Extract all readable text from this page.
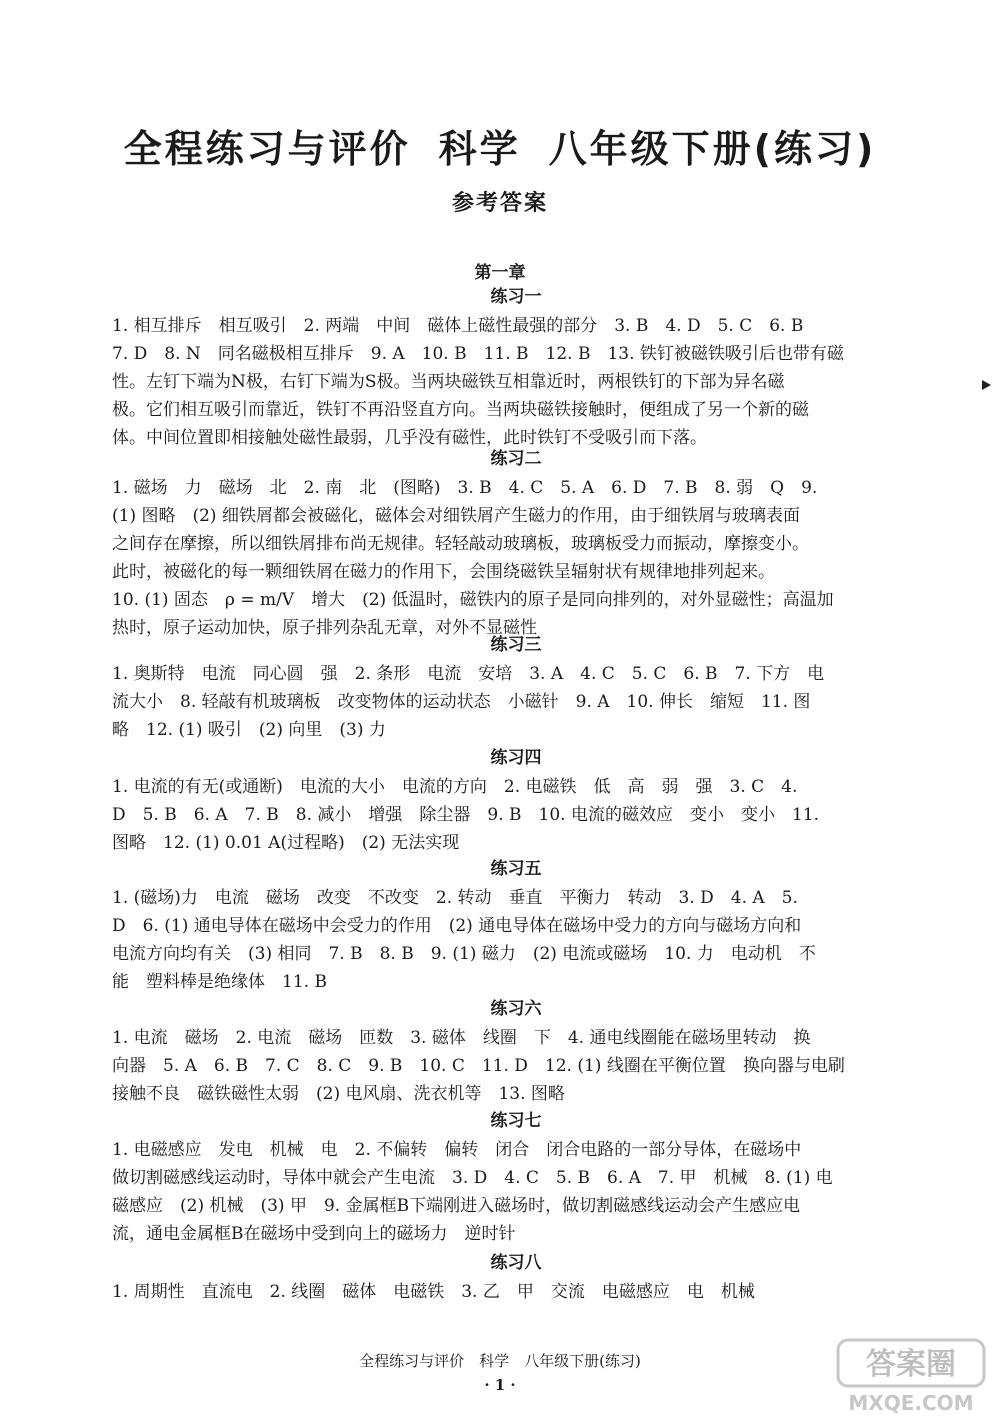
全程练习与评价 科学 八年级下册(练习)
参考答案
第一章
练习一
1. 相互排斥　相互吸引　2. 两端　中间　磁体上磁性最强的部分　3. B　4. D　5. C　6. B
7. D　8. N　同名磁极相互排斥　9. A　10. B　11. B　12. B　13. 铁钉被磁铁吸引后也带有磁
性。左钉下端为N极，右钉下端为S极。当两块磁铁互相靠近时，两根铁钉的下部为异名磁
极。它们相互吸引而靠近，铁钉不再沿竖直方向。当两块磁铁接触时，便组成了另一个新的磁
体。中间位置即相接触处磁性最弱，几乎没有磁性，此时铁钉不受吸引而下落。
练习二
1. 磁场　力　磁场　北　2. 南　北　(图略)　3. B　4. C　5. A　6. D　7. B　8. 弱　Q　9.
(1) 图略　(2) 细铁屑都会被磁化，磁体会对细铁屑产生磁力的作用，由于细铁屑与玻璃表面
之间存在摩擦，所以细铁屑排布尚无规律。轻轻敲动玻璃板，玻璃板受力而振动，摩擦变小。
此时，被磁化的每一颗细铁屑在磁力的作用下，会围绕磁铁呈辐射状有规律地排列起来。
10. (1) 固态　ρ = m/V　增大　(2) 低温时，磁铁内的原子是同向排列的，对外显磁性；高温加
热时，原子运动加快，原子排列杂乱无章，对外不显磁性
练习三
1. 奥斯特　电流　同心圆　强　2. 条形　电流　安培　3. A　4. C　5. C　6. B　7. 下方　电
流大小　8. 轻敲有机玻璃板　改变物体的运动状态　小磁针　9. A　10. 伸长　缩短　11. 图
略　12. (1) 吸引　(2) 向里　(3) 力
练习四
1. 电流的有无(或通断)　电流的大小　电流的方向　2. 电磁铁　低　高　弱　强　3. C　4.
D　5. B　6. A　7. B　8. 减小　增强　除尘器　9. B　10. 电流的磁效应　变小　变小　11.
图略　12. (1) 0.01 A(过程略)　(2) 无法实现
练习五
1. (磁场)力　电流　磁场　改变　不改变　2. 转动　垂直　平衡力　转动　3. D　4. A　5.
D　6. (1) 通电导体在磁场中会受力的作用　(2) 通电导体在磁场中受力的方向与磁场方向和
电流方向均有关　(3) 相同　7. B　8. B　9. (1) 磁力　(2) 电流或磁场　10. 力　电动机　不
能　塑料棒是绝缘体　11. B
练习六
1. 电流　磁场　2. 电流　磁场　匝数　3. 磁体　线圈　下　4. 通电线圈能在磁场里转动　换
向器　5. A　6. B　7. C　8. C　9. B　10. C　11. D　12. (1) 线圈在平衡位置　换向器与电刷
接触不良　磁铁磁性太弱　(2) 电风扇、洗衣机等　13. 图略
练习七
1. 电磁感应　发电　机械　电　2. 不偏转　偏转　闭合　闭合电路的一部分导体，在磁场中
做切割磁感线运动时，导体中就会产生电流　3. D　4. C　5. B　6. A　7. 甲　机械　8. (1) 电
磁感应　(2) 机械　(3) 甲　9. 金属框B下端刚进入磁场时，做切割磁感线运动会产生感应电
流，通电金属框B在磁场中受到向上的磁场力　逆时针
练习八
1. 周期性　直流电　2. 线圈　磁体　电磁铁　3. 乙　甲　交流　电磁感应　电　机械
全程练习与评价　科学　八年级下册(练习)
· 1 ·
答案圈
MXQE.COM
